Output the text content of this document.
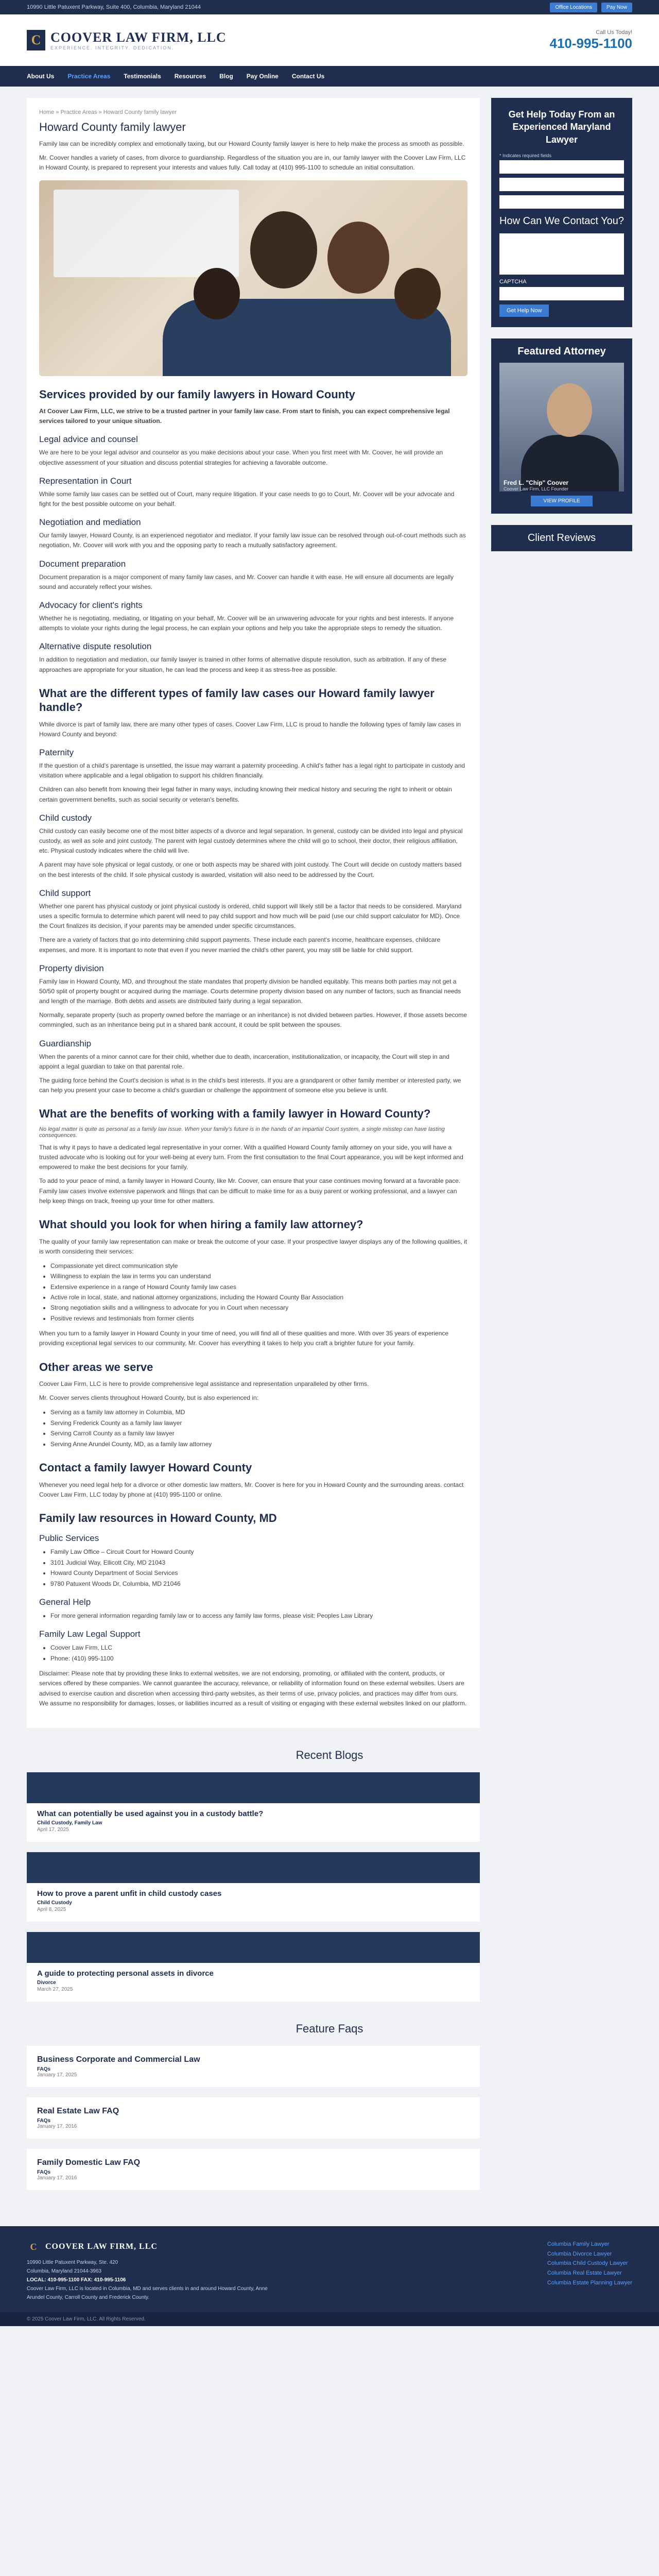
10990 Little Patuxent Parkway, Suite 400, Columbia, Maryland 21044	Office Locations	Pay Now
C COOVER LAW FIRM, LLC
EXPERIENCE. INTEGRITY. DEDICATION.
Call Us Today!
410-995-1100
About Us Practice Areas Testimonials Resources Blog Pay Online Contact Us
Home » Practice Areas » Howard County family lawyer
Howard County family lawyer

Family law can be incredibly complex and emotionally taxing, but our Howard County family lawyer is here to help make the process as smooth as possible.

Mr. Coover handles a variety of cases, from divorce to guardianship. Regardless of the situation you are in, our family lawyer with the Coover Law Firm, LLC in Howard County, is prepared to represent your interests and values fully. Call today at (410) 995-1100 to schedule an initial consultation.

Services provided by our family lawyers in Howard County
At Coover Law Firm, LLC, we strive to be a trusted partner in your family law case. From start to finish, you can expect comprehensive legal services tailored to your unique situation.
Legal advice and counsel

We are here to be your legal advisor and counselor as you make decisions about your case. When you first meet with Mr. Coover, he will provide an objective assessment of your situation and discuss potential strategies for achieving a favorable outcome.

Representation in Court

While some family law cases can be settled out of Court, many require litigation. If your case needs to go to Court, Mr. Coover will be your advocate and fight for the best possible outcome on your behalf.

Negotiation and mediation

Our family lawyer, Howard County, is an experienced negotiator and mediator. If your family law issue can be resolved through out-of-court methods such as negotiation, Mr. Coover will work with you and the opposing party to reach a mutually satisfactory agreement.

Document preparation

Document preparation is a major component of many family law cases, and Mr. Coover can handle it with ease. He will ensure all documents are legally sound and accurately reflect your wishes.

Advocacy for client's rights

Whether he is negotiating, mediating, or litigating on your behalf, Mr. Coover will be an unwavering advocate for your rights and best interests. If anyone attempts to violate your rights during the legal process, he can explain your options and help you take the appropriate steps to remedy the situation.

Alternative dispute resolution

In addition to negotiation and mediation, our family lawyer is trained in other forms of alternative dispute resolution, such as arbitration. If any of these approaches are appropriate for your situation, he can lead the process and keep it as stress-free as possible.

What are the different types of family law cases our Howard family lawyer handle?

While divorce is part of family law, there are many other types of cases. Coover Law Firm, LLC is proud to handle the following types of family law cases in Howard County and beyond:

Paternity

If the question of a child's parentage is unsettled, the issue may warrant a paternity proceeding. A child's father has a legal right to participate in custody and visitation where applicable and a legal obligation to support his children financially.

Children can also benefit from knowing their legal father in many ways, including knowing their medical history and securing the right to inherit or obtain certain government benefits, such as social security or veteran's benefits.

Child custody

Child custody can easily become one of the most bitter aspects of a divorce and legal separation. In general, custody can be divided into legal and physical custody, as well as sole and joint custody. The parent with legal custody determines where the child will go to school, their doctor, their religious affiliation, etc. Physical custody indicates where the child will live.

A parent may have sole physical or legal custody, or one or both aspects may be shared with joint custody. The Court will decide on custody matters based on the best interests of the child. If sole physical custody is awarded, visitation will also need to be addressed by the Court.

Child support

Whether one parent has physical custody or joint physical custody is ordered, child support will likely still be a factor that needs to be considered. Maryland uses a specific formula to determine which parent will need to pay child support and how much will be paid (use our child support calculator for MD). Once the Court finalizes its decision, if your parents may be amended under specific circumstances.

There are a variety of factors that go into determining child support payments. These include each parent's income, healthcare expenses, childcare expenses, and more. It is important to note that even if you never married the child's other parent, you may still be liable for child support.

Property division

Family law in Howard County, MD, and throughout the state mandates that property division be handled equitably. This means both parties may not get a 50/50 split of property bought or acquired during the marriage. Courts determine property division based on any number of factors, such as financial needs and length of the marriage. Both debts and assets are distributed fairly during a legal separation.

Normally, separate property (such as property owned before the marriage or an inheritance) is not divided between parties. However, if those assets become commingled, such as an inheritance being put in a shared bank account, it could be split between the spouses.

Guardianship

When the parents of a minor cannot care for their child, whether due to death, incarceration, institutionalization, or incapacity, the Court will step in and appoint a legal guardian to take on that parental role.

The guiding force behind the Court's decision is what is in the child's best interests. If you are a grandparent or other family member or interested party, we can help you present your case to become a child's guardian or challenge the appointment of someone else you believe is unfit.

What are the benefits of working with a family lawyer in Howard County?
No legal matter is quite as personal as a family law issue. When your family's future is in the hands of an impartial Court system, a single misstep can have lasting consequences.

That is why it pays to have a dedicated legal representative in your corner. With a qualified Howard County family attorney on your side, you will have a trusted advocate who is looking out for your well-being at every turn. From the first consultation to the final Court appearance, you will be kept informed and empowered to make the best decisions for your family.

To add to your peace of mind, a family lawyer in Howard County, like Mr. Coover, can ensure that your case continues moving forward at a favorable pace. Family law cases involve extensive paperwork and filings that can be difficult to make time for as a busy parent or working professional, and a lawyer can help keep things on track, freeing up your time for other matters.

What should you look for when hiring a family law attorney?

The quality of your family law representation can make or break the outcome of your case. If your prospective lawyer displays any of the following qualities, it is worth considering their services:

• Compassionate yet direct communication style
• Willingness to explain the law in terms you can understand
• Extensive experience in a range of Howard County family law cases
• Active role in local, state, and national attorney organizations, including the Howard County Bar Association
• Strong negotiation skills and a willingness to advocate for you in Court when necessary
• Positive reviews and testimonials from former clients

When you turn to a family lawyer in Howard County in your time of need, you will find all of these qualities and more. With over 35 years of experience providing exceptional legal services to our community, Mr. Coover has everything it takes to help you craft a brighter future for your family.

Other areas we serve

Coover Law Firm, LLC is here to provide comprehensive legal assistance and representation unparalleled by other firms.

Mr. Coover serves clients throughout Howard County, but is also experienced in:

• Serving as a family law attorney in Columbia, MD
• Serving Frederick County as a family law lawyer
• Serving Carroll County as a family law lawyer
• Serving Anne Arundel County, MD, as a family law attorney
Contact a family lawyer Howard County

Whenever you need legal help for a divorce or other domestic law matters, Mr. Coover is here for you in Howard County and the surrounding areas. contact Coover Law Firm, LLC today by phone at (410) 995-1100 or online.

Family law resources in Howard County, MD
Public Services
• Family Law Office – Circuit Court for Howard County
• 3101 Judicial Way, Ellicott City, MD 21043
• Howard County Department of Social Services
• 9780 Patuxent Woods Dr, Columbia, MD 21046
General Help
• For more general information regarding family law or to access any family law forms, please visit: Peoples Law Library
Family Law Legal Support
• Coover Law Firm, LLC
• Phone: (410) 995-1100

Disclaimer: Please note that by providing these links to external websites, we are not endorsing, promoting, or affiliated with the content, products, or services offered by these companies. We cannot guarantee the accuracy, relevance, or reliability of information found on these external websites. Users are advised to exercise caution and discretion when accessing third-party websites, as their terms of use, privacy policies, and practices may differ from ours. We assume no responsibility for damages, losses, or liabilities incurred as a result of visiting or engaging with these external websites linked on our platform.

Get Help Today From an Experienced Maryland Lawyer
* Indicates required fields
How Can We Contact You?
CAPTCHA
Get Help Now
Featured Attorney
Fred L. "Chip" Coover
Coover Law Firm, LLC Founder
VIEW PROFILE
Client Reviews
Recent Blogs
What can potentially be used against you in a custody battle?
Child Custody, Family Law
April 17, 2025
How to prove a parent unfit in child custody cases
Child Custody
April 8, 2025
A guide to protecting personal assets in divorce
Divorce
March 27, 2025
Feature Faqs
Business Corporate and Commercial Law
FAQs
January 17, 2025
Real Estate Law FAQ
FAQs
January 17, 2016
Family Domestic Law FAQ
FAQs
January 17, 2016
C	COOVER LAW FIRM, LLC
10990 Little Patuxent Parkway, Ste. 420
Columbia, Maryland 21044-3963
LOCAL: 410-995-1100 FAX: 410-995-1106
Coover Law Firm, LLC is located in Columbia, MD and serves clients in and around Howard County, Anne Arundel County, Carroll County and Frederick County.
Columbia Family Lawyer
Columbia Divorce Lawyer
Columbia Child Custody Lawyer
Columbia Real Estate Lawyer
Columbia Estate Planning Lawyer
© 2025 Coover Law Firm, LLC. All Rights Reserved.
